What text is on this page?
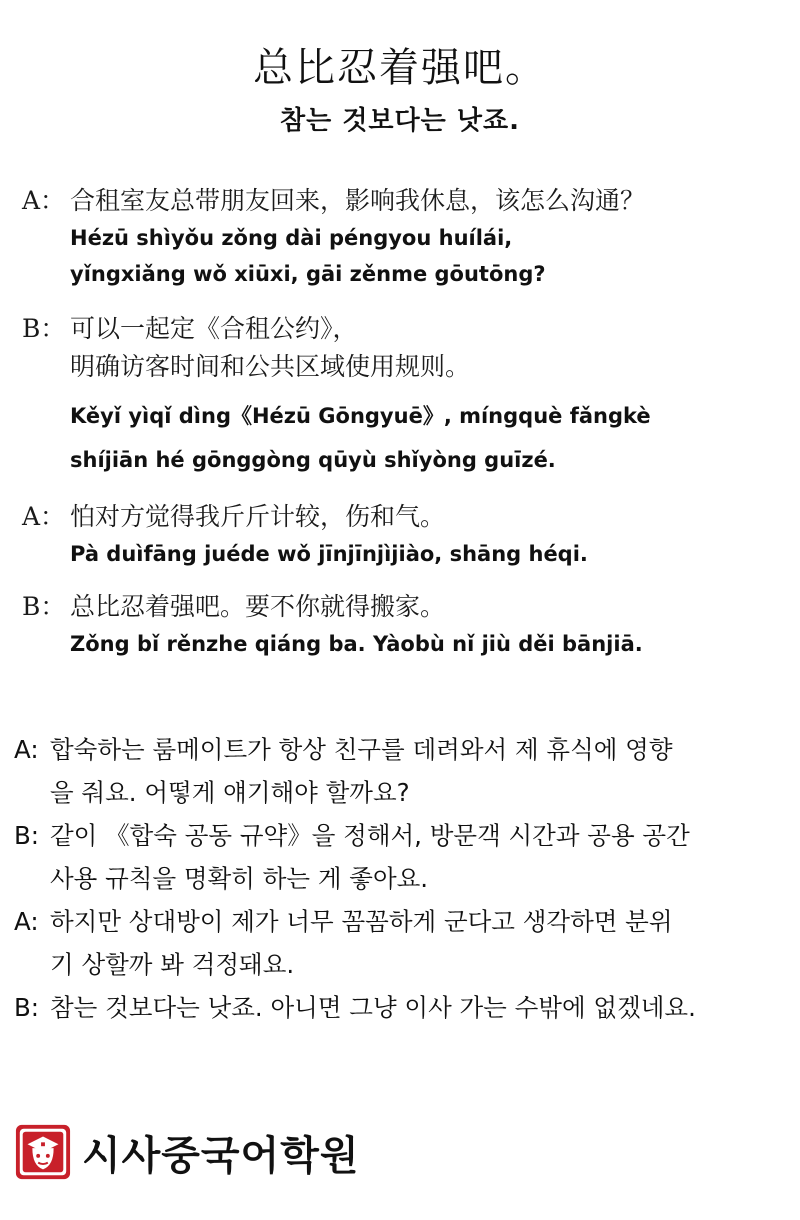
总比忍着强吧。
참는 것보다는 낫죠.
A： 合租室友总带朋友回来，影响我休息，该怎么沟通？
Hézū shìyǒu zǒng dài péngyou huílái,
yǐngxiǎng wǒ xiūxi, gāi zěnme gōutōng?
B： 可以一起定《合租公约》，
明确访客时间和公共区域使用规则。
Kěyǐ yìqǐ dìng《Hézū Gōngyuē》, míngquè fǎngkè
shíjiān hé gōnggòng qūyù shǐyòng guīzé.
A： 怕对方觉得我斤斤计较，伤和气。
Pà duìfāng juéde wǒ jīnjīnjìjiào, shāng héqi.
B： 总比忍着强吧。要不你就得搬家。
Zǒng bǐ rěnzhe qiáng ba. Yàobù nǐ jiù děi bānjiā.
A: 합숙하는 룸메이트가 항상 친구를 데려와서 제 휴식에 영향
을 줘요. 어떻게 얘기해야 할까요?
B: 같이 《합숙 공동 규약》을 정해서, 방문객 시간과 공용 공간
사용 규칙을 명확히 하는 게 좋아요.
A: 하지만 상대방이 제가 너무 꼼꼼하게 군다고 생각하면 분위
기 상할까 봐 걱정돼요.
B: 참는 것보다는 낫죠. 아니면 그냥 이사 가는 수밖에 없겠네요.
시사중국어학원
